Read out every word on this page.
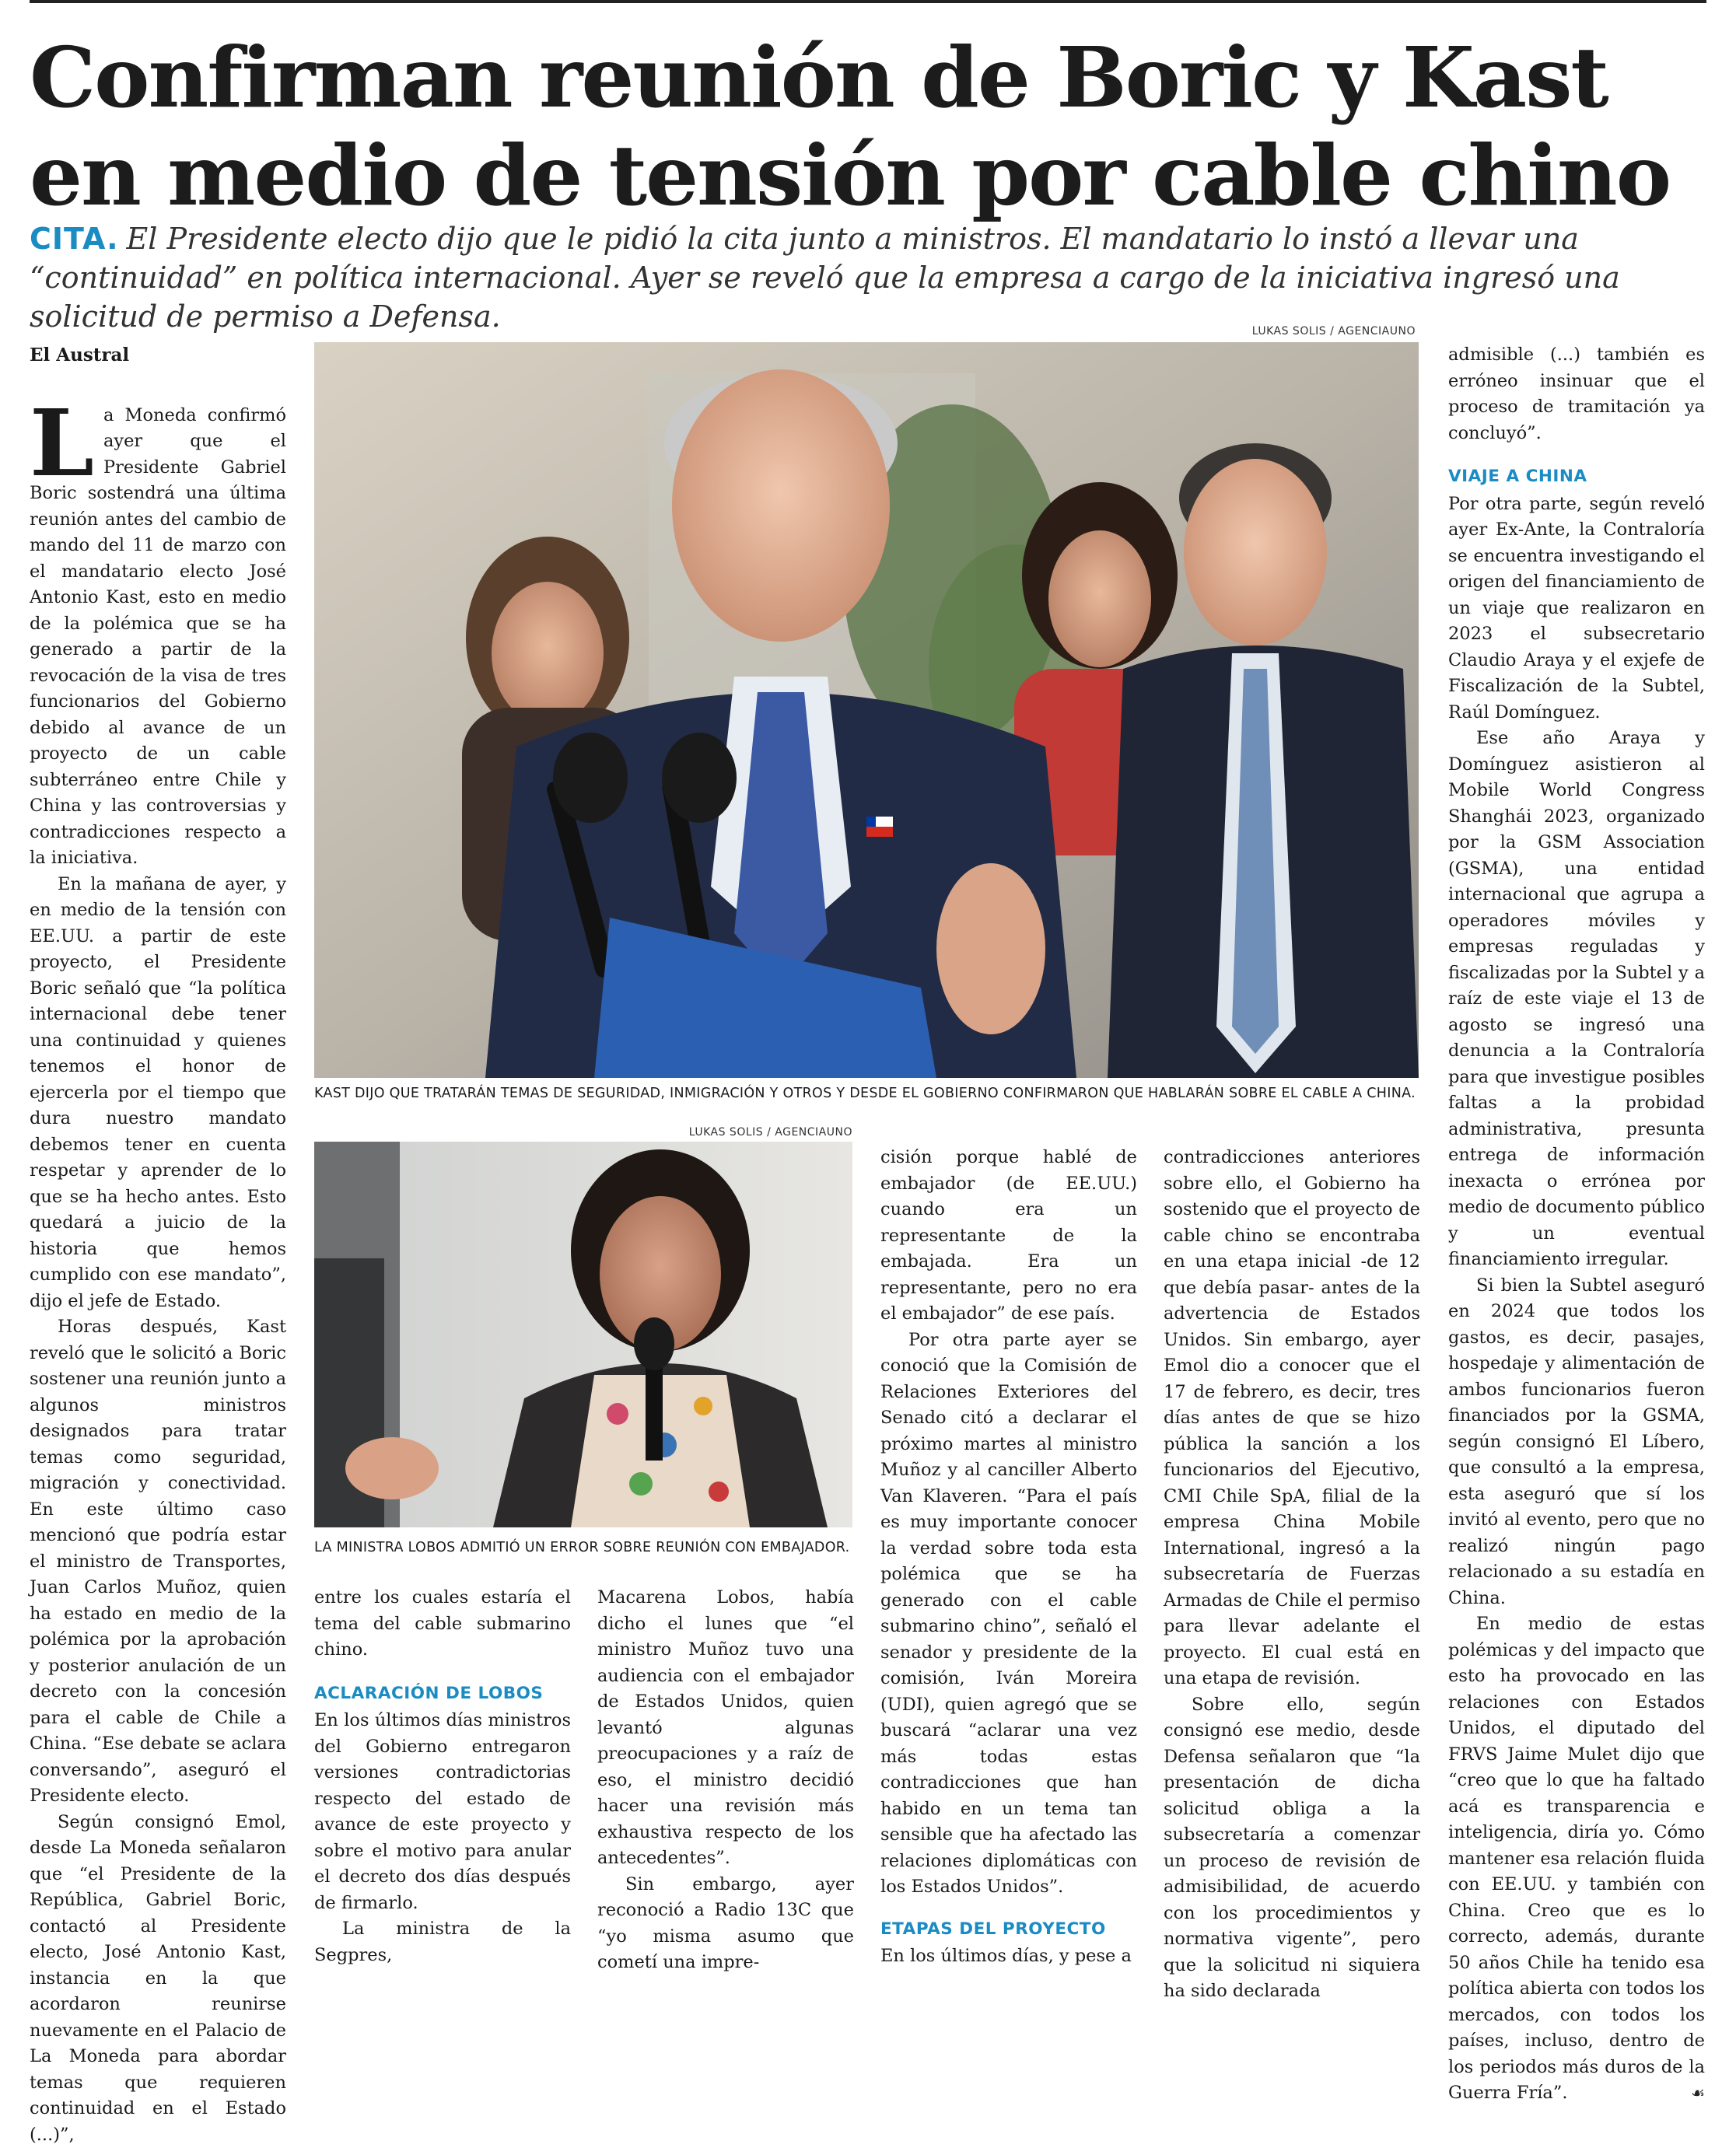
Confirman reunión de Boric y Kast
en medio de tensión por cable chino

CITA. El Presidente electo dijo que le pidió la cita junto a ministros. El mandatario lo instó a llevar una “continuidad” en política internacional. Ayer se reveló que la empresa a cargo de la iniciativa ingresó una solicitud de permiso a Defensa.

El Austral

La Moneda confirmó ayer que el Presidente Gabriel Boric sostendrá una última reunión antes del cambio de mando del 11 de marzo con el mandatario electo José Antonio Kast, esto en medio de la polémica que se ha generado a partir de la revocación de la visa de tres funcionarios del Gobierno debido al avance de un proyecto de un cable subterráneo entre Chile y China y las controversias y contradicciones respecto a la iniciativa.

En la mañana de ayer, y en medio de la tensión con EE.UU. a partir de este proyecto, el Presidente Boric señaló que “la política internacional debe tener una continuidad y quienes tenemos el honor de ejercerla por el tiempo que dura nuestro mandato debemos tener en cuenta respetar y aprender de lo que se ha hecho antes. Esto quedará a juicio de la historia que hemos cumplido con ese mandato”, dijo el jefe de Estado.

Horas después, Kast reveló que le solicitó a Boric sostener una reunión junto a algunos ministros designados para tratar temas como seguridad, migración y conectividad. En este último caso mencionó que podría estar el ministro de Transportes, Juan Carlos Muñoz, quien ha estado en medio de la polémica por la aprobación y posterior anulación de un decreto con la concesión para el cable de Chile a China. “Ese debate se aclara conversando”, aseguró el Presidente electo.

Según consignó Emol, desde La Moneda señalaron que “el Presidente de la República, Gabriel Boric, contactó al Presidente electo, José Antonio Kast, instancia en la que acordaron reunirse nuevamente en el Palacio de La Moneda para abordar temas que requieren continuidad en el Estado (...)”,

LUKAS SOLIS / AGENCIAUNO
KAST DIJO QUE TRATARÁN TEMAS DE SEGURIDAD, INMIGRACIÓN Y OTROS Y DESDE EL GOBIERNO CONFIRMARON QUE HABLARÁN SOBRE EL CABLE A CHINA.
LUKAS SOLIS / AGENCIAUNO
LA MINISTRA LOBOS ADMITIÓ UN ERROR SOBRE REUNIÓN CON EMBAJADOR.

entre los cuales estaría el tema del cable submarino chino.

ACLARACIÓN DE LOBOS

En los últimos días ministros del Gobierno entregaron versiones contradictorias respecto del estado de avance de este proyecto y sobre el motivo para anular el decreto dos días después de firmarlo.

La ministra de la Segpres,

Macarena Lobos, había dicho el lunes que “el ministro Muñoz tuvo una audiencia con el embajador de Estados Unidos, quien levantó algunas preocupaciones y a raíz de eso, el ministro decidió hacer una revisión más exhaustiva respecto de los antecedentes”.

Sin embargo, ayer reconoció a Radio 13C que “yo misma asumo que cometí una impre-

cisión porque hablé de embajador (de EE.UU.) cuando era un representante de la embajada. Era un representante, pero no era el embajador” de ese país.

Por otra parte ayer se conoció que la Comisión de Relaciones Exteriores del Senado citó a declarar el próximo martes al ministro Muñoz y al canciller Alberto Van Klaveren. “Para el país es muy importante conocer la verdad sobre toda esta polémica que se ha generado con el cable submarino chino”, señaló el senador y presidente de la comisión, Iván Moreira (UDI), quien agregó que se buscará “aclarar una vez más todas estas contradicciones que han habido en un tema tan sensible que ha afectado las relaciones diplomáticas con los Estados Unidos”.

ETAPAS DEL PROYECTO

En los últimos días, y pese a

contradicciones anteriores sobre ello, el Gobierno ha sostenido que el proyecto de cable chino se encontraba en una etapa inicial -de 12 que debía pasar- antes de la advertencia de Estados Unidos. Sin embargo, ayer Emol dio a conocer que el 17 de febrero, es decir, tres días antes de que se hizo pública la sanción a los funcionarios del Ejecutivo, CMI Chile SpA, filial de la empresa China Mobile International, ingresó a la subsecretaría de Fuerzas Armadas de Chile el permiso para llevar adelante el proyecto. El cual está en una etapa de revisión.

Sobre ello, según consignó ese medio, desde Defensa señalaron que “la presentación de dicha solicitud obliga a la subsecretaría a comenzar un proceso de revisión de admisibilidad, de acuerdo con los procedimientos y normativa vigente”, pero que la solicitud ni siquiera ha sido declarada

admisible (...) también es erróneo insinuar que el proceso de tramitación ya concluyó”.

VIAJE A CHINA

Por otra parte, según reveló ayer Ex-Ante, la Contraloría se encuentra investigando el origen del financiamiento de un viaje que realizaron en 2023 el subsecretario Claudio Araya y el exjefe de Fiscalización de la Subtel, Raúl Domínguez.

Ese año Araya y Domínguez asistieron al Mobile World Congress Shanghái 2023, organizado por la GSM Association (GSMA), una entidad internacional que agrupa a operadores móviles y empresas reguladas y fiscalizadas por la Subtel y a raíz de este viaje el 13 de agosto se ingresó una denuncia a la Contraloría para que investigue posibles faltas a la probidad administrativa, presunta entrega de información inexacta o errónea por medio de documento público y un eventual financiamiento irregular.

Si bien la Subtel aseguró en 2024 que todos los gastos, es decir, pasajes, hospedaje y alimentación de ambos funcionarios fueron financiados por la GSMA, según consignó El Líbero, que consultó a la empresa, esta aseguró que sí los invitó al evento, pero que no realizó ningún pago relacionado a su estadía en China.

En medio de estas polémicas y del impacto que esto ha provocado en las relaciones con Estados Unidos, el diputado del FRVS Jaime Mulet dijo que “creo que lo que ha faltado acá es transparencia e inteligencia, diría yo. Cómo mantener esa relación fluida con EE.UU. y también con China. Creo que es lo correcto, además, durante 50 años Chile ha tenido esa política abierta con todos los mercados, con todos los países, incluso, dentro de los periodos más duros de la Guerra Fría”.	☙
